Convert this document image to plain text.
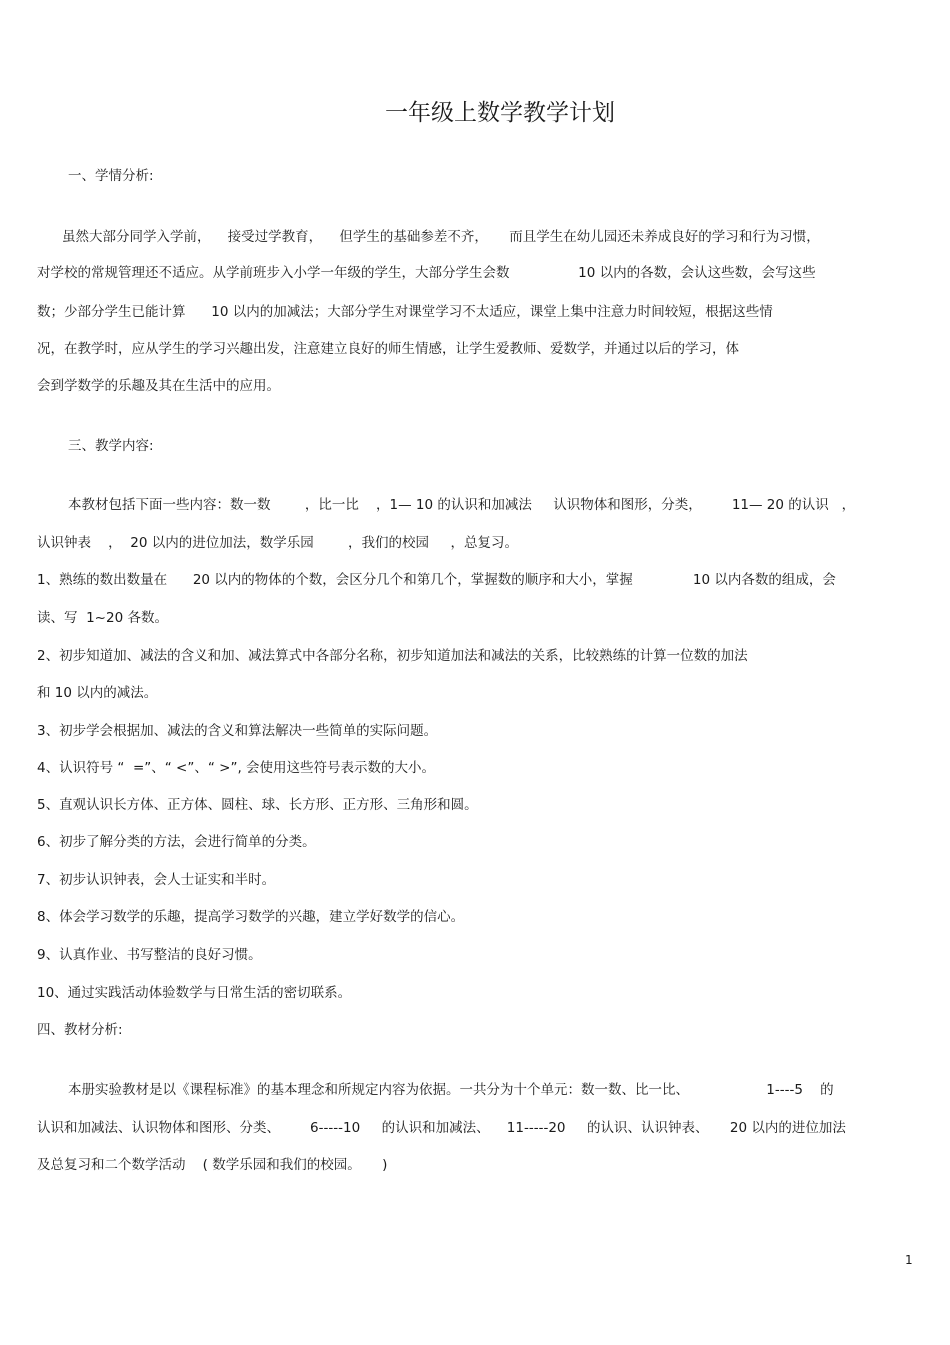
一年级上数学教学计划

一、学情分析:

虽然大部分同学入学前，    接受过学教育，    但学生的基础参差不齐，     而且学生在幼儿园还未养成良好的学习和行为习惯，

对学校的常规管理还不适应。从学前班步入小学一年级的学生，大部分学生会数                10 以内的各数，会认这些数，会写这些

数；少部分学生已能计算      10 以内的加减法；大部分学生对课堂学习不太适应，课堂上集中注意力时间较短，根据这些情

况，在教学时，应从学生的学习兴趣出发，注意建立良好的师生情感，让学生爱教师、爱数学，并通过以后的学习，体

会到学数学的乐趣及其在生活中的应用。

三、教学内容:

本教材包括下面一些内容：数一数        ，比一比    ，1— 10 的认识和加减法     认识物体和图形，分类，       11— 20 的认识   ，

认识钟表    ，  20 以内的进位加法，数学乐园        ，我们的校园     ，总复习。

1、熟练的数出数量在      20 以内的物体的个数，会区分几个和第几个，掌握数的顺序和大小，掌握              10 以内各数的组成，会

读、写  1~20 各数。

2、初步知道加、减法的含义和加、减法算式中各部分名称，初步知道加法和减法的关系，比较熟练的计算一位数的加法

和 10 以内的减法。

3、初步学会根据加、减法的含义和算法解决一些简单的实际问题。

4、认识符号 “  =”、“ <”、“ >”, 会使用这些符号表示数的大小。

5、直观认识长方体、正方体、圆柱、球、长方形、正方形、三角形和圆。

6、初步了解分类的方法，会进行简单的分类。

7、初步认识钟表，会人士证实和半时。

8、体会学习数学的乐趣，提高学习数学的兴趣，建立学好数学的信心。

9、认真作业、书写整洁的良好习惯。

10、通过实践活动体验数学与日常生活的密切联系。

四、教材分析:

本册实验教材是以《课程标准》的基本理念和所规定内容为依据。一共分为十个单元：数一数、比一比、                  1----5    的

认识和加减法、认识物体和图形、分类、       6-----10     的认识和加减法、    11-----20     的认识、认识钟表、     20 以内的进位加法

及总复习和二个数学活动    ( 数学乐园和我们的校园。     )

1
